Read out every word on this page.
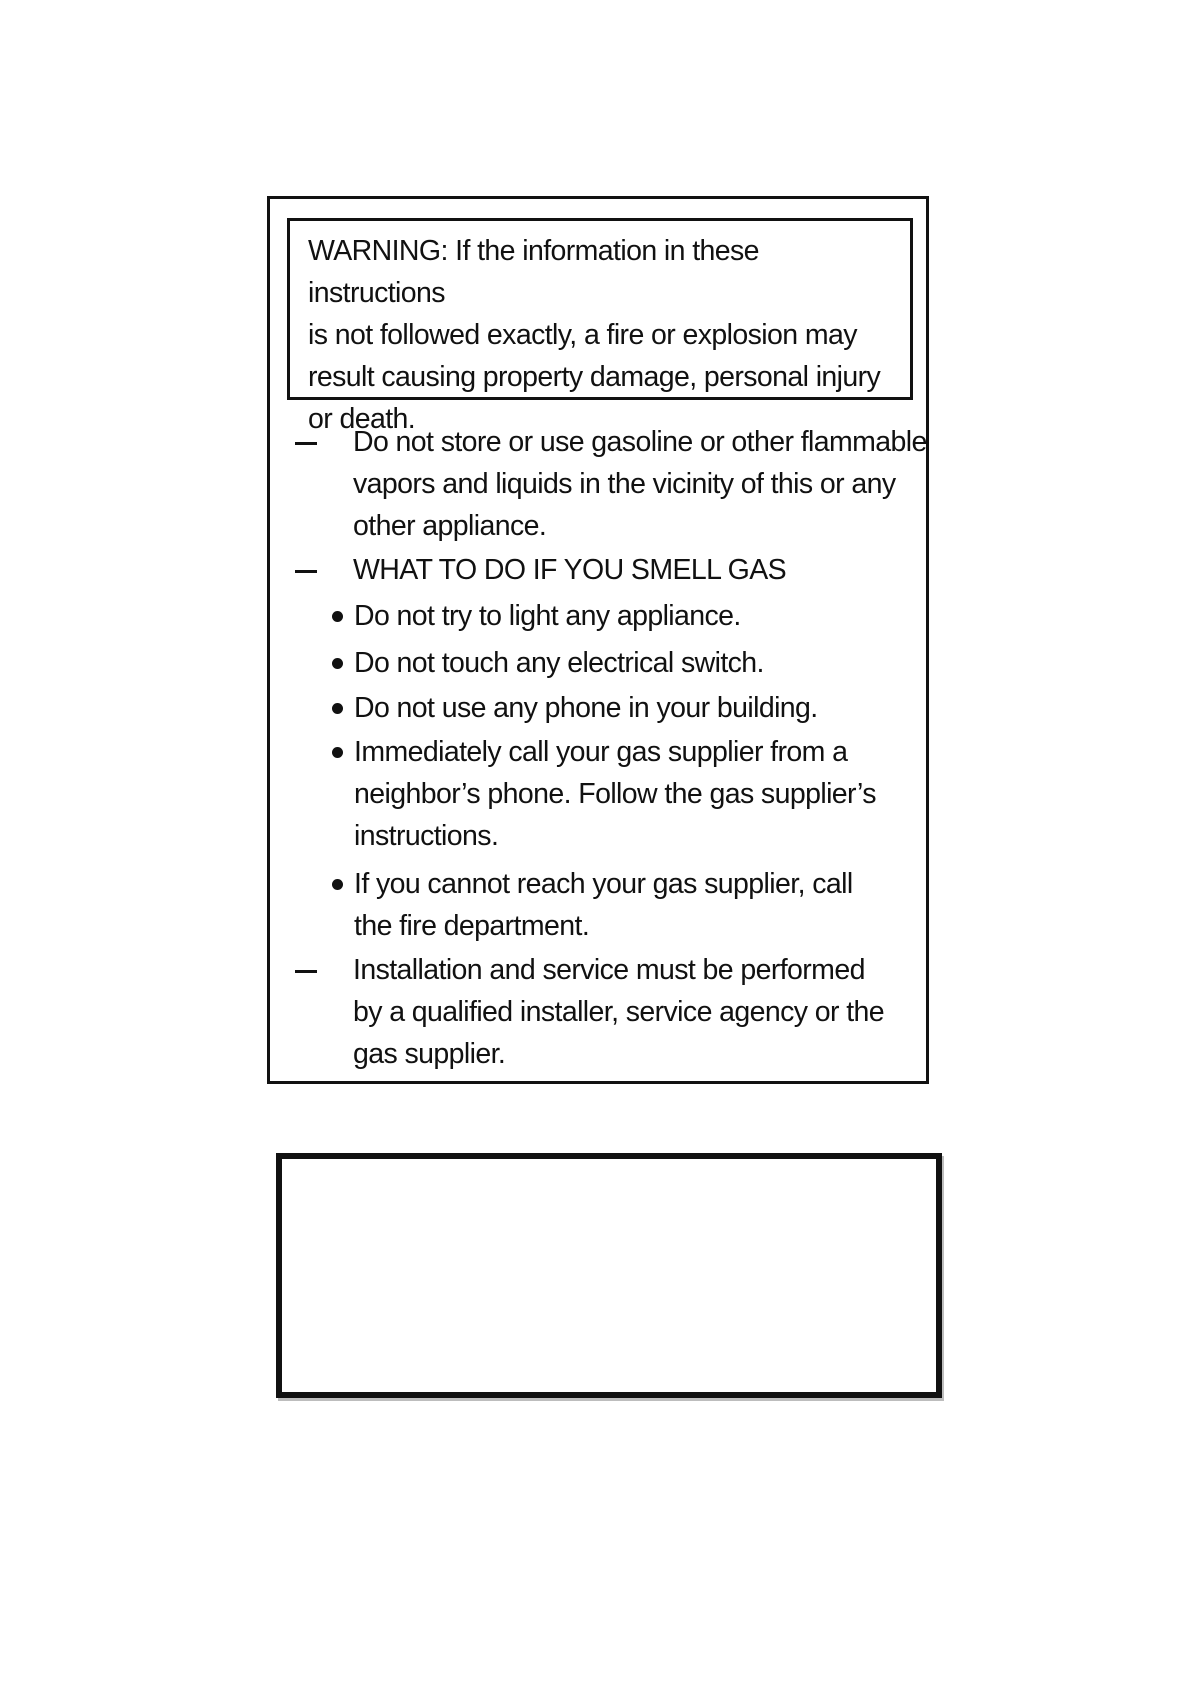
WARNING: If the information in these instructions
is not followed exactly, a fire or explosion may
result causing property damage, personal injury
or death.
Do not store or use gasoline or other flammable
vapors and liquids in the vicinity of this or any
other appliance.
WHAT TO DO IF YOU SMELL GAS
Do not try to light any appliance.
Do not touch any electrical switch.
Do not use any phone in your building.
Immediately call your gas supplier from a
neighbor’s phone. Follow the gas supplier’s
instructions.
If you cannot reach your gas supplier, call
the fire department.
Installation and service must be performed
by a qualified installer, service agency or the
gas supplier.
